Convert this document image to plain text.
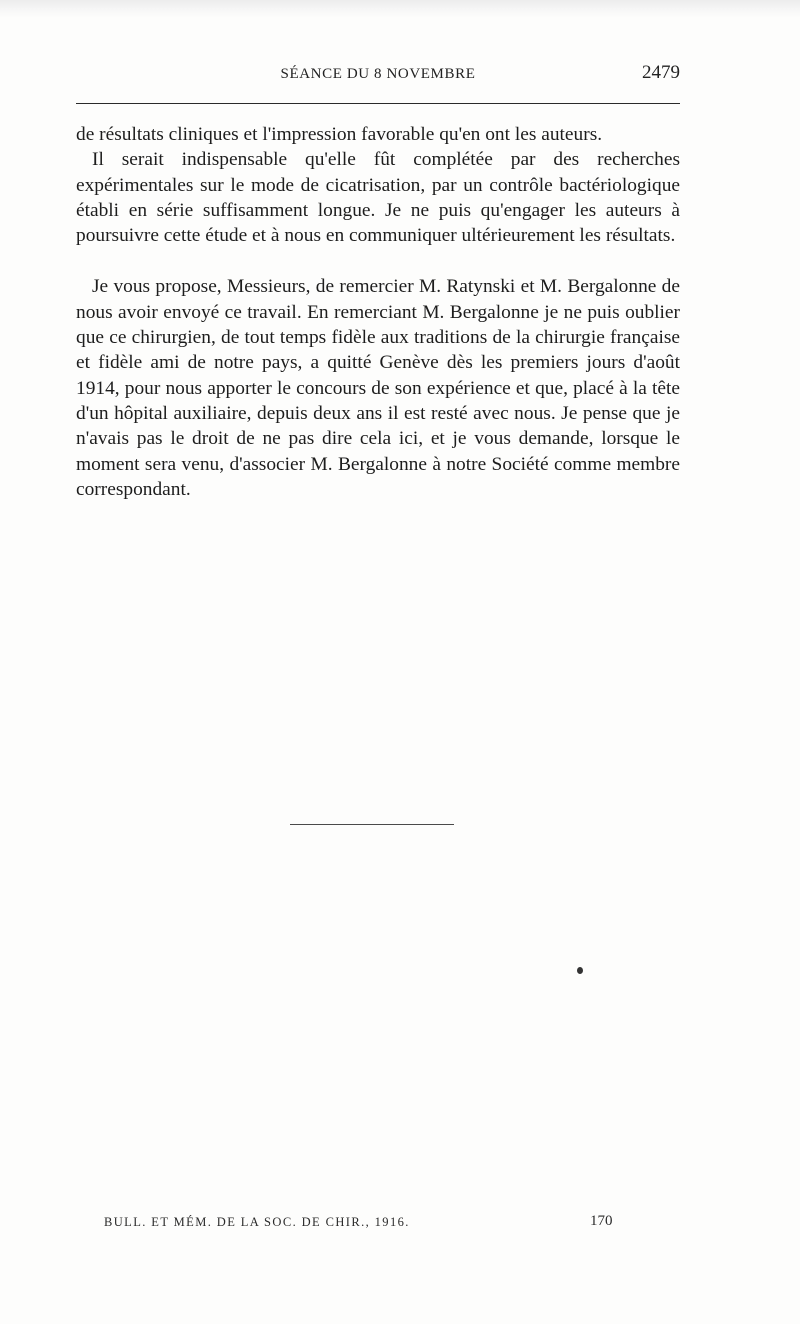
SÉANCE DU 8 NOVEMBRE	2479

de résultats cliniques et l'impression favorable qu'en ont les auteurs.

Il serait indispensable qu'elle fût complétée par des recherches expérimentales sur le mode de cicatrisation, par un contrôle bactériologique établi en série suffisamment longue. Je ne puis qu'engager les auteurs à poursuivre cette étude et à nous en communiquer ultérieurement les résultats.

Je vous propose, Messieurs, de remercier M. Ratynski et M. Bergalonne de nous avoir envoyé ce travail. En remerciant M. Bergalonne je ne puis oublier que ce chirurgien, de tout temps fidèle aux traditions de la chirurgie française et fidèle ami de notre pays, a quitté Genève dès les premiers jours d'août 1914, pour nous apporter le concours de son expérience et que, placé à la tête d'un hôpital auxiliaire, depuis deux ans il est resté avec nous. Je pense que je n'avais pas le droit de ne pas dire cela ici, et je vous demande, lorsque le moment sera venu, d'associer M. Bergalonne à notre Société comme membre correspondant.

BULL. ET MÉM. DE LA SOC. DE CHIR., 1916.	170
